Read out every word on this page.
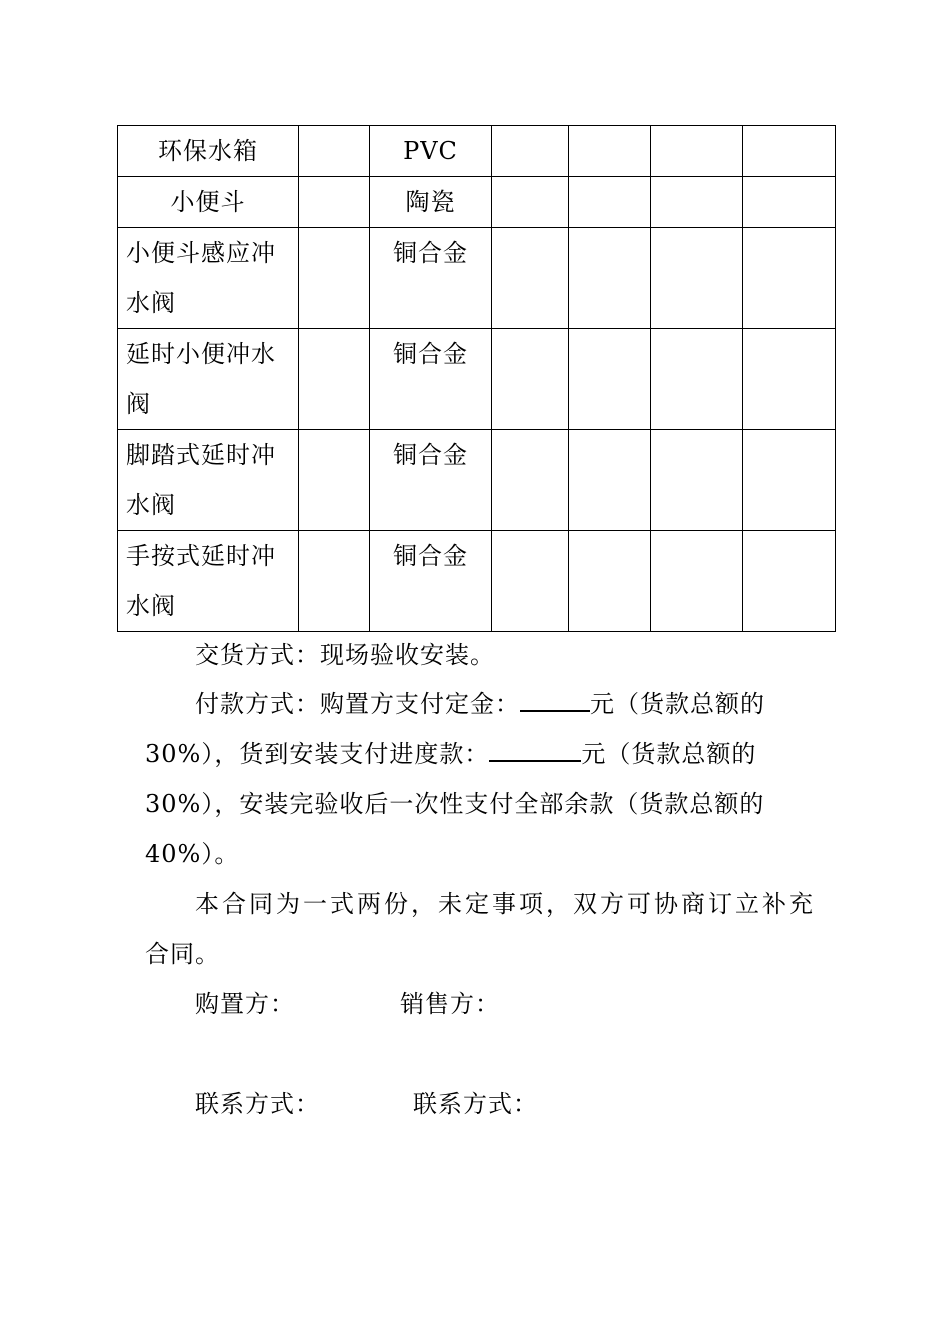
环保水箱		PVC				
小便斗		陶瓷				
小便斗感应冲
水阀		铜合金				
延时小便冲水
阀		铜合金				
脚踏式延时冲
水阀		铜合金				
手按式延时冲
水阀		铜合金				
交货方式：现场验收安装。
付款方式：购置方支付定金：	元（货款总额的
30%），货到安装支付进度款：	元（货款总额的
30%），安装完验收后一次性支付全部余款（货款总额的
40%）。
本合同为一式两份，未定事项，双方可协商订立补充
合同。
购置方：	销售方：
联系方式：	联系方式：
